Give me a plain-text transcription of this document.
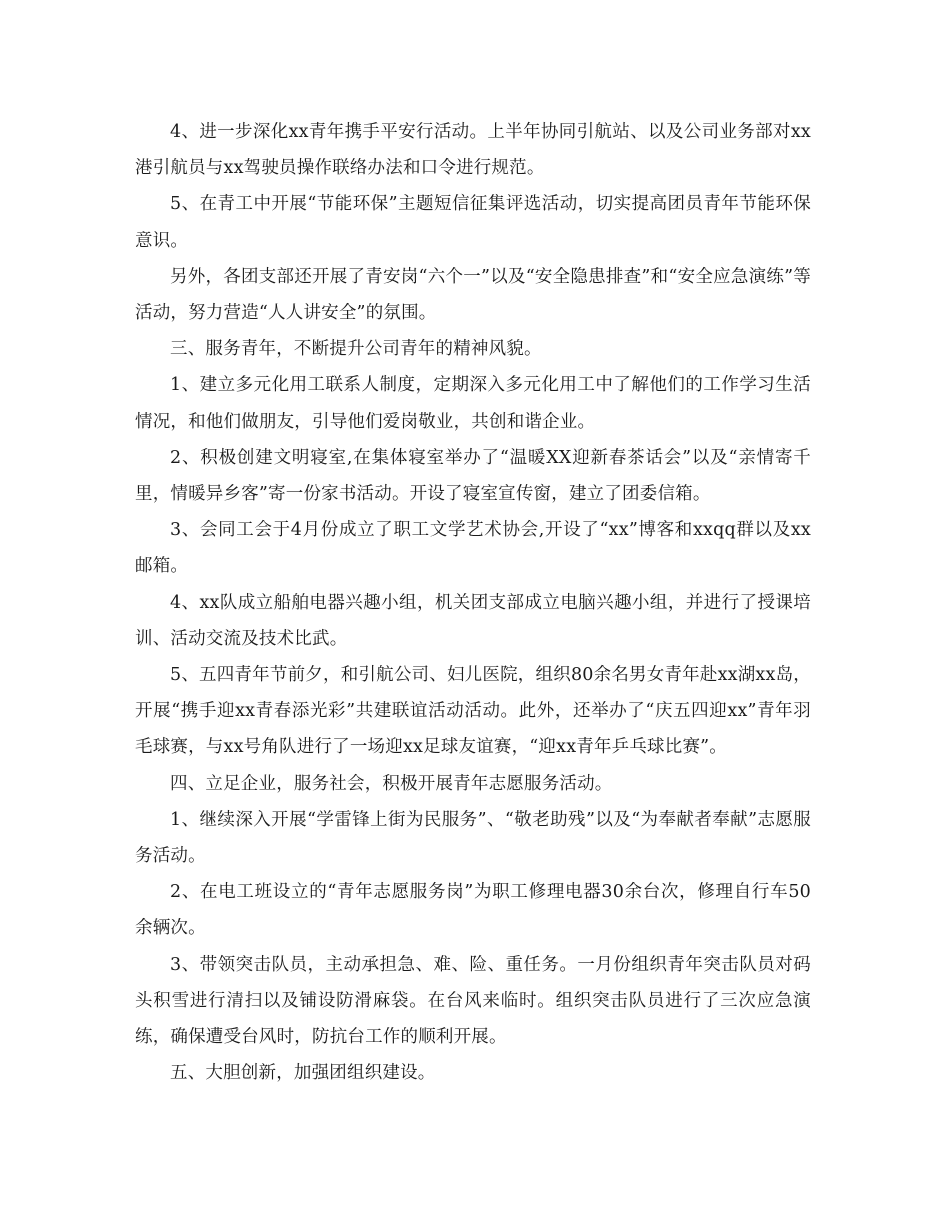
4、进一步深化xx青年携手平安行活动。上半年协同引航站、以及公司业务部对xx港引航员与xx驾驶员操作联络办法和口令进行规范。

5、在青工中开展“节能环保”主题短信征集评选活动，切实提高团员青年节能环保意识。

另外，各团支部还开展了青安岗“六个一”以及“安全隐患排查”和“安全应急演练”等活动，努力营造“人人讲安全”的氛围。

三、服务青年，不断提升公司青年的精神风貌。

1、建立多元化用工联系人制度，定期深入多元化用工中了解他们的工作学习生活情况，和他们做朋友，引导他们爱岗敬业，共创和谐企业。

2、积极创建文明寝室,在集体寝室举办了“温暖XX迎新春茶话会”以及“亲情寄千里，情暖异乡客”寄一份家书活动。开设了寝室宣传窗，建立了团委信箱。

3、会同工会于4月份成立了职工文学艺术协会,开设了“xx”博客和xxqq群以及xx邮箱。

4、xx队成立船舶电器兴趣小组，机关团支部成立电脑兴趣小组，并进行了授课培训、活动交流及技术比武。

5、五四青年节前夕，和引航公司、妇儿医院，组织80余名男女青年赴xx湖xx岛，开展“携手迎xx青春添光彩”共建联谊活动活动。此外，还举办了“庆五四迎xx”青年羽毛球赛，与xx号角队进行了一场迎xx足球友谊赛，“迎xx青年乒乓球比赛”。

四、立足企业，服务社会，积极开展青年志愿服务活动。

1、继续深入开展“学雷锋上街为民服务”、“敬老助残”以及“为奉献者奉献”志愿服务活动。

2、在电工班设立的“青年志愿服务岗”为职工修理电器30余台次，修理自行车50余辆次。

3、带领突击队员，主动承担急、难、险、重任务。一月份组织青年突击队员对码头积雪进行清扫以及铺设防滑麻袋。在台风来临时。组织突击队员进行了三次应急演练，确保遭受台风时，防抗台工作的顺利开展。

五、大胆创新，加强团组织建设。
